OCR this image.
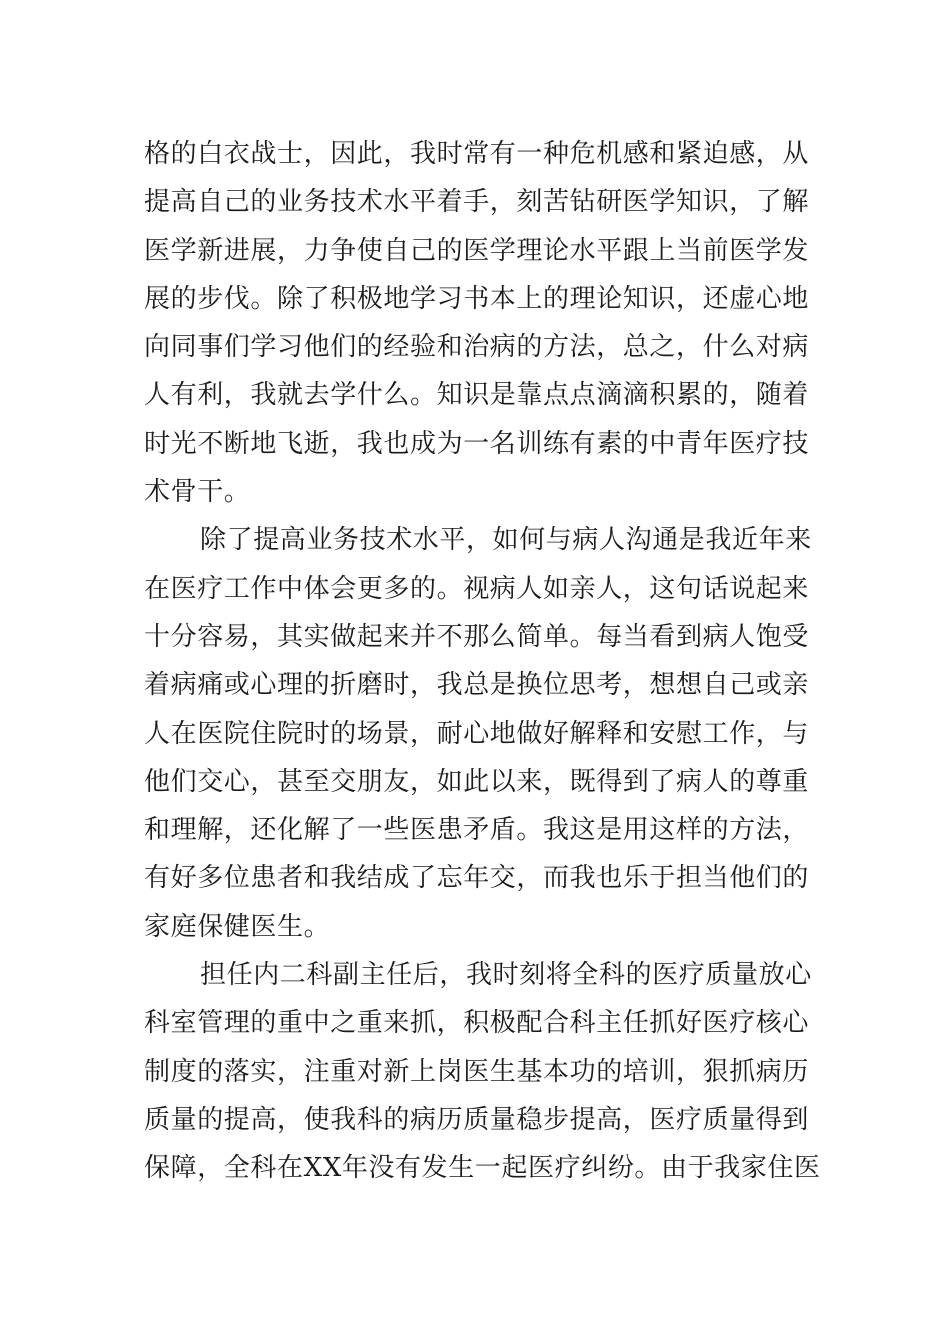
格的白衣战士，因此，我时常有一种危机感和紧迫感，从
提高自己的业务技术水平着手，刻苦钻研医学知识，了解
医学新进展，力争使自己的医学理论水平跟上当前医学发
展的步伐。除了积极地学习书本上的理论知识，还虚心地
向同事们学习他们的经验和治病的方法，总之，什么对病
人有利，我就去学什么。知识是靠点点滴滴积累的，随着
时光不断地飞逝，我也成为一名训练有素的中青年医疗技
术骨干。
除了提高业务技术水平，如何与病人沟通是我近年来
在医疗工作中体会更多的。视病人如亲人，这句话说起来
十分容易，其实做起来并不那么简单。每当看到病人饱受
着病痛或心理的折磨时，我总是换位思考，想想自己或亲
人在医院住院时的场景，耐心地做好解释和安慰工作，与
他们交心，甚至交朋友，如此以来，既得到了病人的尊重
和理解，还化解了一些医患矛盾。我这是用这样的方法，
有好多位患者和我结成了忘年交，而我也乐于担当他们的
家庭保健医生。
担任内二科副主任后，我时刻将全科的医疗质量放心
科室管理的重中之重来抓，积极配合科主任抓好医疗核心
制度的落实，注重对新上岗医生基本功的培训，狠抓病历
质量的提高，使我科的病历质量稳步提高，医疗质量得到
保障，全科在XX年没有发生一起医疗纠纷。由于我家住医
